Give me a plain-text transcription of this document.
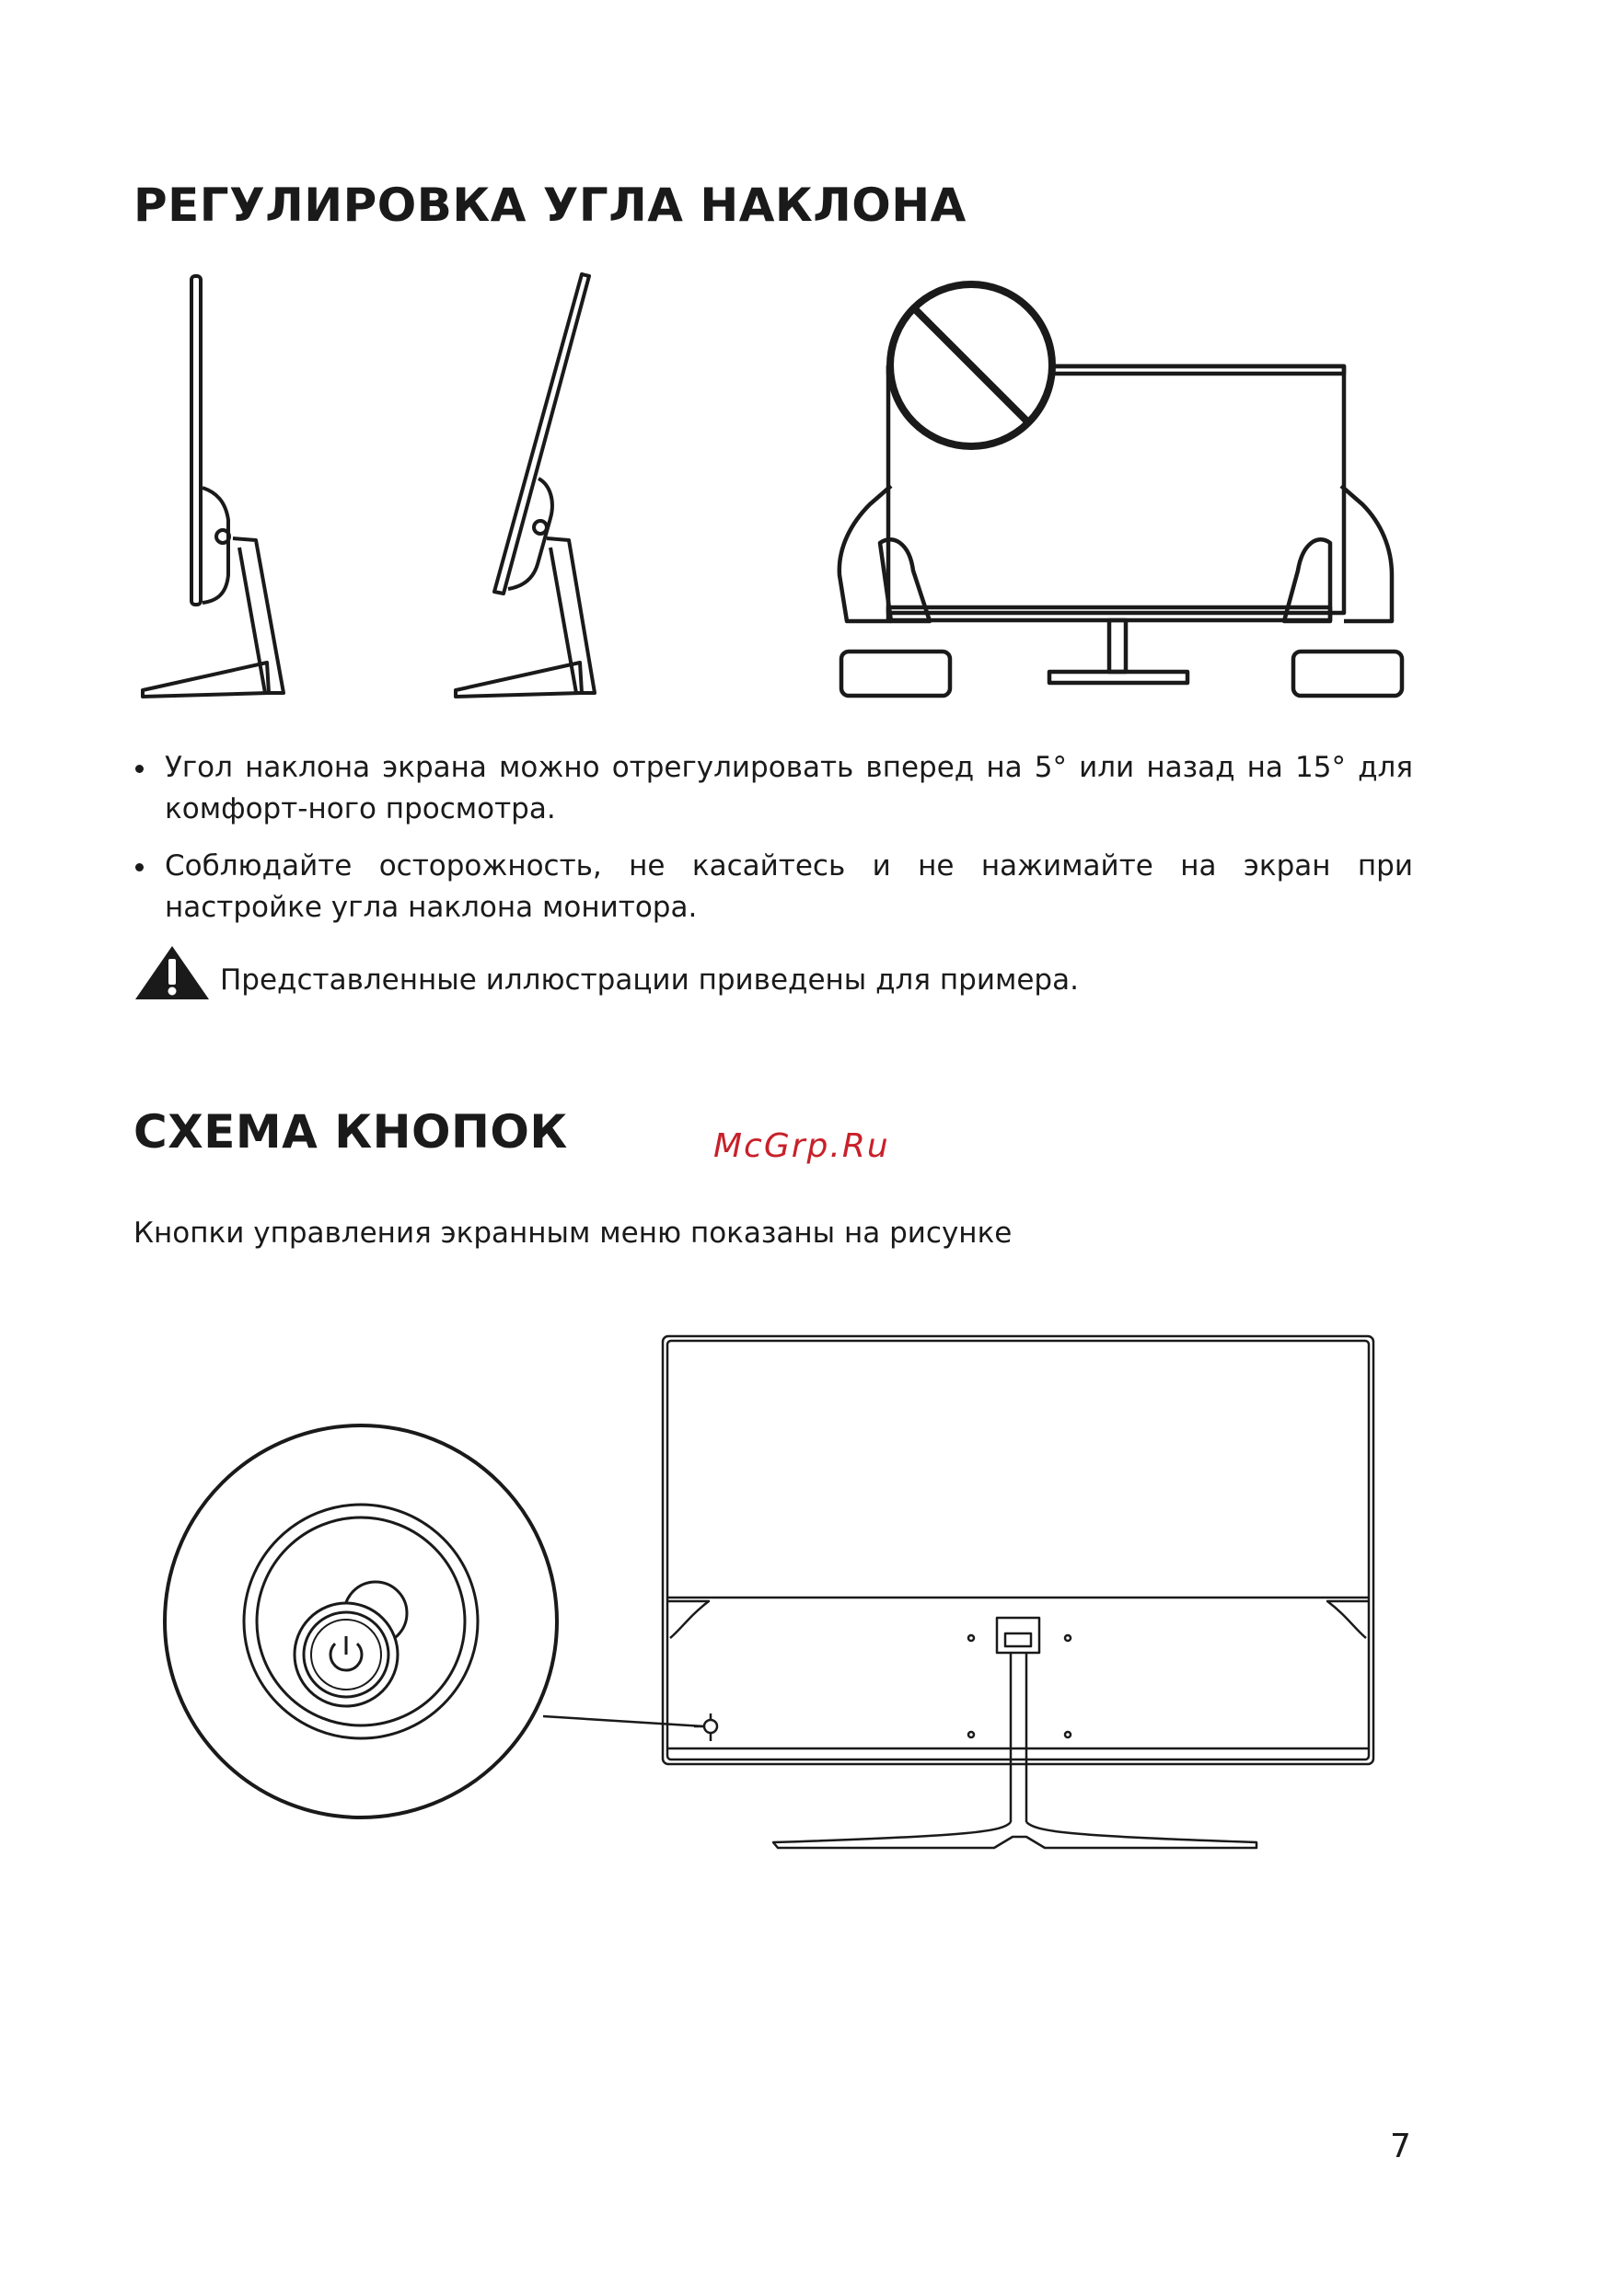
РЕГУЛИРОВКА УГЛА НАКЛОНА
Угол наклона экрана можно отрегулировать вперед на 5° или назад на 15° для комфорт-ного просмотра.
Соблюдайте осторожность, не касайтесь и не нажимайте на экран при настройке угла наклона монитора.
Представленные иллюстрации приведены для примера.
СХЕМА КНОПОК	McGrp.Ru
Кнопки управления экранным меню показаны на рисунке
7
